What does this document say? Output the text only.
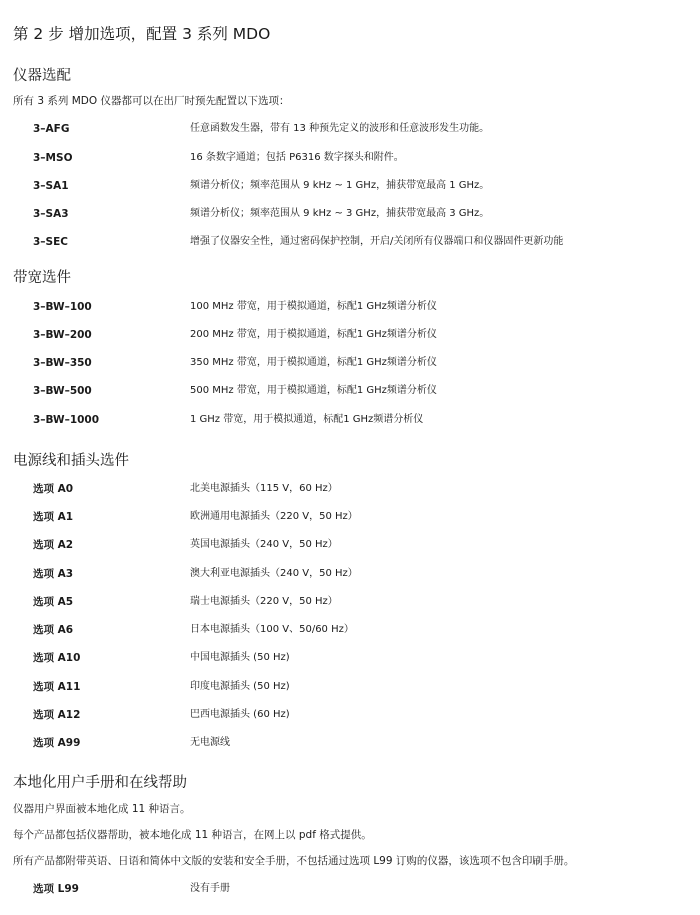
第 2 步 增加选项，配置 3 系列 MDO
仪器选配
所有 3 系列 MDO 仪器都可以在出厂时预先配置以下选项：
3–AFG	任意函数发生器，带有 13 种预先定义的波形和任意波形发生功能。
3–MSO	16 条数字通道；包括 P6316 数字探头和附件。
3–SA1	频谱分析仪；频率范围从 9 kHz ~ 1 GHz，捕获带宽最高 1 GHz。
3–SA3	频谱分析仪；频率范围从 9 kHz ~ 3 GHz，捕获带宽最高 3 GHz。
3–SEC	增强了仪器安全性，通过密码保护控制，开启/关闭所有仪器端口和仪器固件更新功能
带宽选件
3–BW–100	100 MHz 带宽，用于模拟通道，标配1 GHz频谱分析仪
3–BW–200	200 MHz 带宽，用于模拟通道，标配1 GHz频谱分析仪
3–BW–350	350 MHz 带宽，用于模拟通道，标配1 GHz频谱分析仪
3–BW–500	500 MHz 带宽，用于模拟通道，标配1 GHz频谱分析仪
3–BW–1000	1 GHz 带宽，用于模拟通道，标配1 GHz频谱分析仪
电源线和插头选件
选项 A0	北美电源插头（115 V，60 Hz）
选项 A1	欧洲通用电源插头（220 V，50 Hz）
选项 A2	英国电源插头（240 V，50 Hz）
选项 A3	澳大利亚电源插头（240 V，50 Hz）
选项 A5	瑞士电源插头（220 V，50 Hz）
选项 A6	日本电源插头（100 V、50/60 Hz）
选项 A10	中国电源插头 (50 Hz)
选项 A11	印度电源插头 (50 Hz)
选项 A12	巴西电源插头 (60 Hz)
选项 A99	无电源线
本地化用户手册和在线帮助
仪器用户界面被本地化成 11 种语言。
每个产品都包括仪器帮助，被本地化成 11 种语言，在网上以 pdf 格式提供。
所有产品都附带英语、日语和简体中文版的安装和安全手册，不包括通过选项 L99 订购的仪器，该选项不包含印刷手册。
选项 L99	没有手册
